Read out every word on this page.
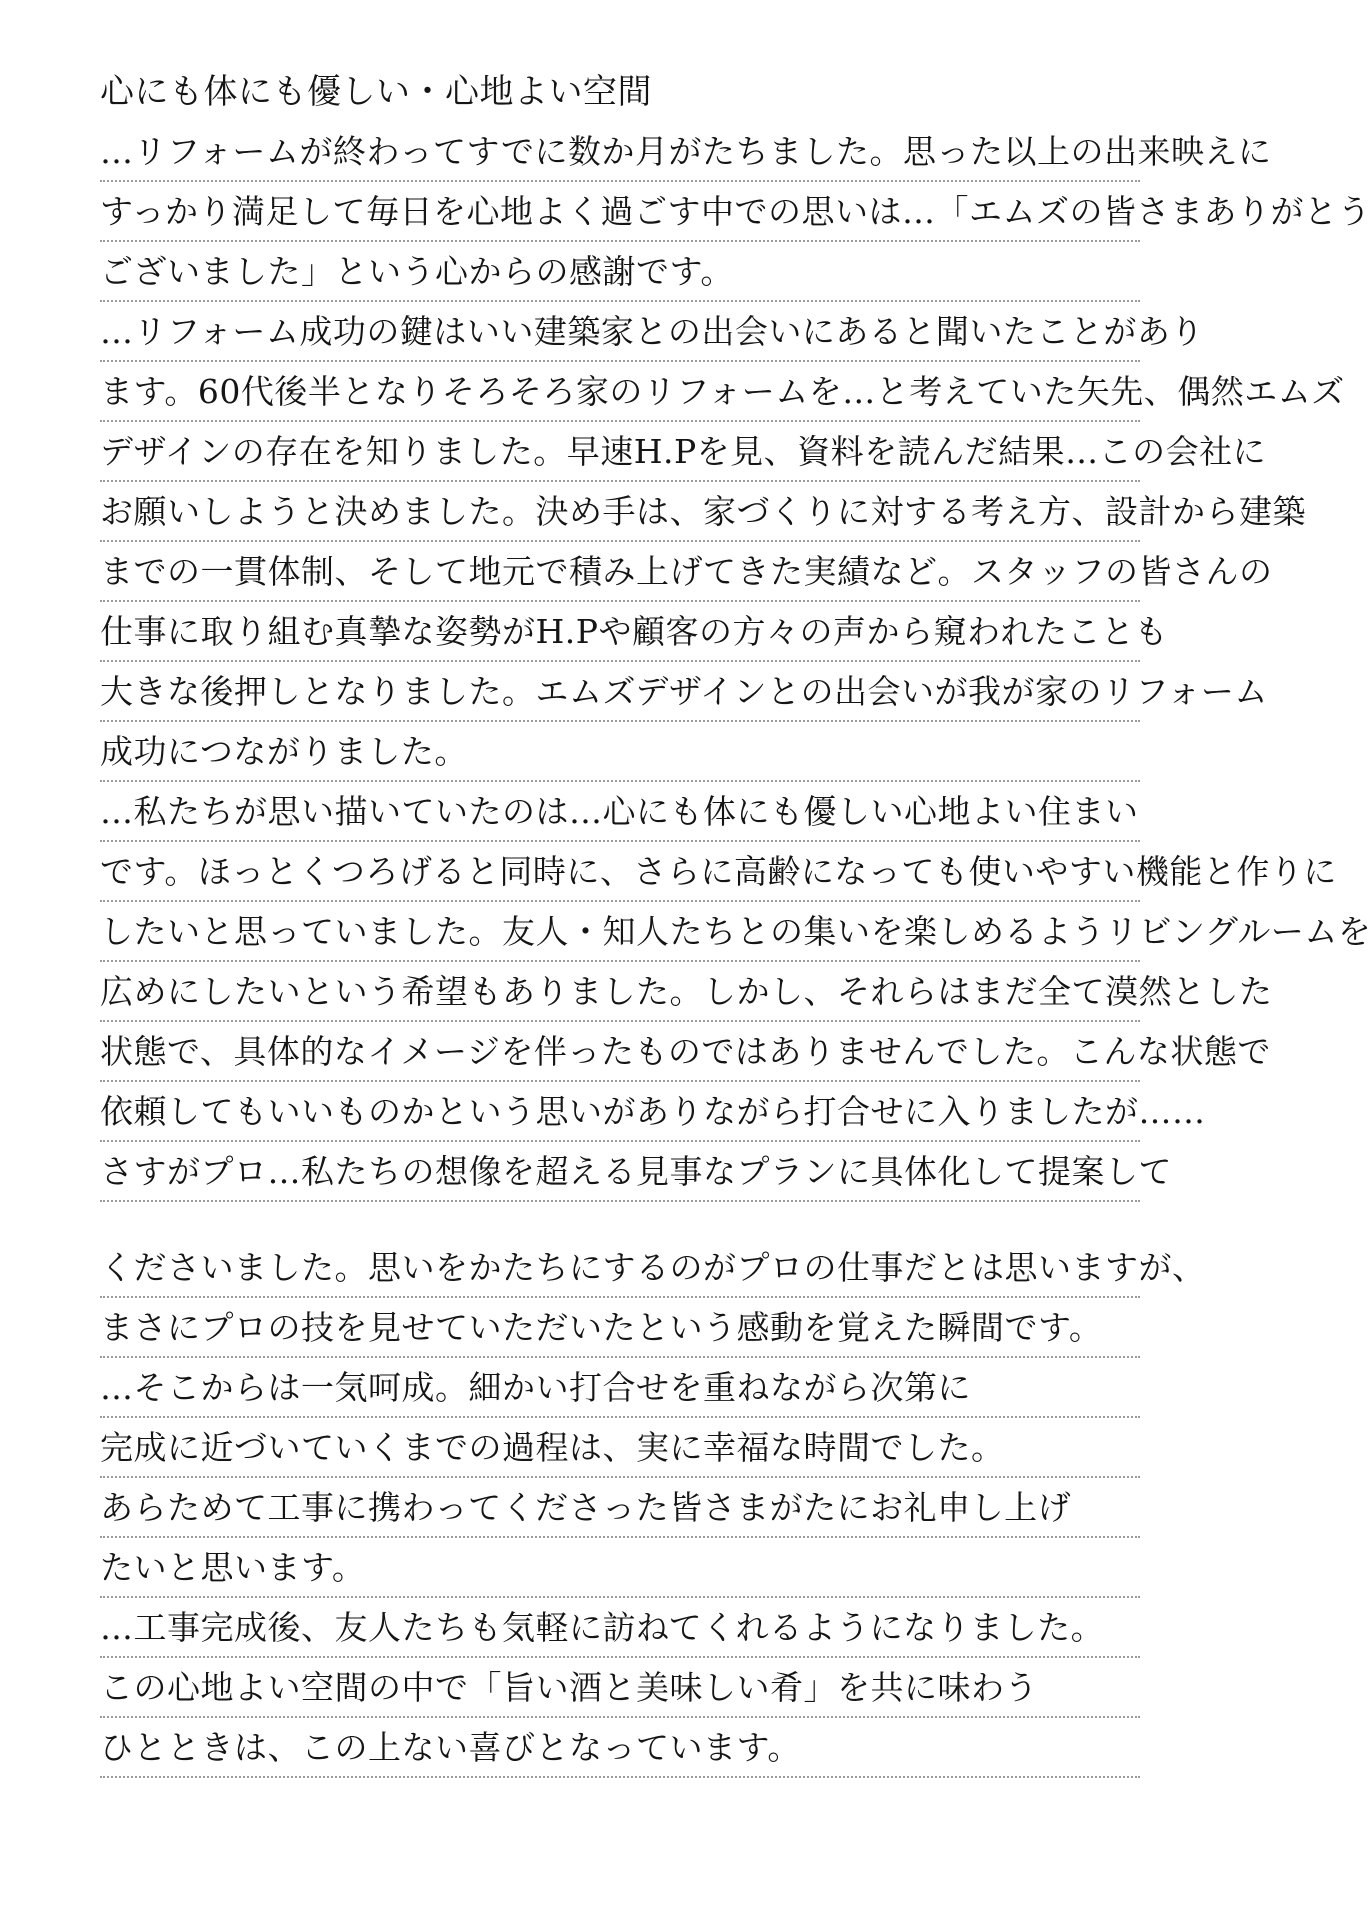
心にも体にも優しい・心地よい空間
…リフォームが終わってすでに数か月がたちました。思った以上の出来映えに
すっかり満足して毎日を心地よく過ごす中での思いは…「エムズの皆さまありがとう
ございました」という心からの感謝です。
…リフォーム成功の鍵はいい建築家との出会いにあると聞いたことがあり
ます。60代後半となりそろそろ家のリフォームを…と考えていた矢先、偶然エムズ
デザインの存在を知りました。早速H.Pを見、資料を読んだ結果…この会社に
お願いしようと決めました。決め手は、家づくりに対する考え方、設計から建築
までの一貫体制、そして地元で積み上げてきた実績など。スタッフの皆さんの
仕事に取り組む真摯な姿勢がH.Pや顧客の方々の声から窺われたことも
大きな後押しとなりました。エムズデザインとの出会いが我が家のリフォーム
成功につながりました。
…私たちが思い描いていたのは…心にも体にも優しい心地よい住まい
です。ほっとくつろげると同時に、さらに高齢になっても使いやすい機能と作りに
したいと思っていました。友人・知人たちとの集いを楽しめるようリビングルームを
広めにしたいという希望もありました。しかし、それらはまだ全て漠然とした
状態で、具体的なイメージを伴ったものではありませんでした。こんな状態で
依頼してもいいものかという思いがありながら打合せに入りましたが……
さすがプロ…私たちの想像を超える見事なプランに具体化して提案して
くださいました。思いをかたちにするのがプロの仕事だとは思いますが、
まさにプロの技を見せていただいたという感動を覚えた瞬間です。
…そこからは一気呵成。細かい打合せを重ねながら次第に
完成に近づいていくまでの過程は、実に幸福な時間でした。
あらためて工事に携わってくださった皆さまがたにお礼申し上げ
たいと思います。
…工事完成後、友人たちも気軽に訪ねてくれるようになりました。
この心地よい空間の中で「旨い酒と美味しい肴」を共に味わう
ひとときは、この上ない喜びとなっています。
